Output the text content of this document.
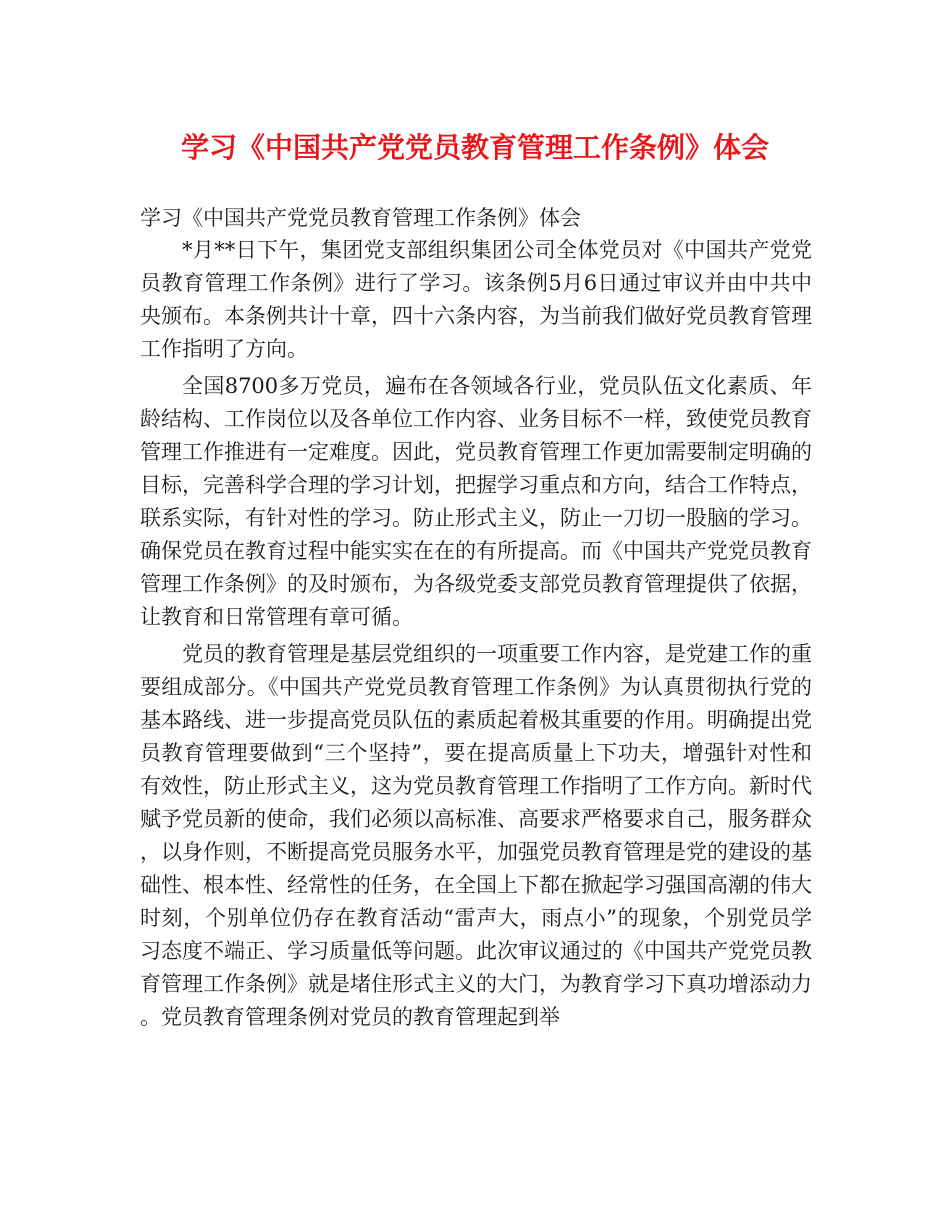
学习《中国共产党党员教育管理工作条例》体会

学习《中国共产党党员教育管理工作条例》体会

*月**日下午，集团党支部组织集团公司全体党员对《中国共产党党员教育管理工作条例》进行了学习。该条例5月6日通过审议并由中共中央颁布。本条例共计十章，四十六条内容，为当前我们做好党员教育管理工作指明了方向。

全国8700多万党员，遍布在各领域各行业，党员队伍文化素质、年龄结构、工作岗位以及各单位工作内容、业务目标不一样，致使党员教育管理工作推进有一定难度。因此，党员教育管理工作更加需要制定明确的目标，完善科学合理的学习计划，把握学习重点和方向，结合工作特点，联系实际，有针对性的学习。防止形式主义，防止一刀切一股脑的学习。确保党员在教育过程中能实实在在的有所提高。而《中国共产党党员教育管理工作条例》的及时颁布，为各级党委支部党员教育管理提供了依据，让教育和日常管理有章可循。

党员的教育管理是基层党组织的一项重要工作内容，是党建工作的重要组成部分。《中国共产党党员教育管理工作条例》为认真贯彻执行党的基本路线、进一步提高党员队伍的素质起着极其重要的作用。明确提出党员教育管理要做到“三个坚持”，要在提高质量上下功夫，增强针对性和有效性，防止形式主义，这为党员教育管理工作指明了工作方向。新时代赋予党员新的使命，我们必须以高标准、高要求严格要求自己，服务群众，以身作则，不断提高党员服务水平，加强党员教育管理是党的建设的基础性、根本性、经常性的任务，在全国上下都在掀起学习强国高潮的伟大时刻，个别单位仍存在教育活动“雷声大，雨点小”的现象，个别党员学习态度不端正、学习质量低等问题。此次审议通过的《中国共产党党员教育管理工作条例》就是堵住形式主义的大门，为教育学习下真功增添动力。党员教育管理条例对党员的教育管理起到举
